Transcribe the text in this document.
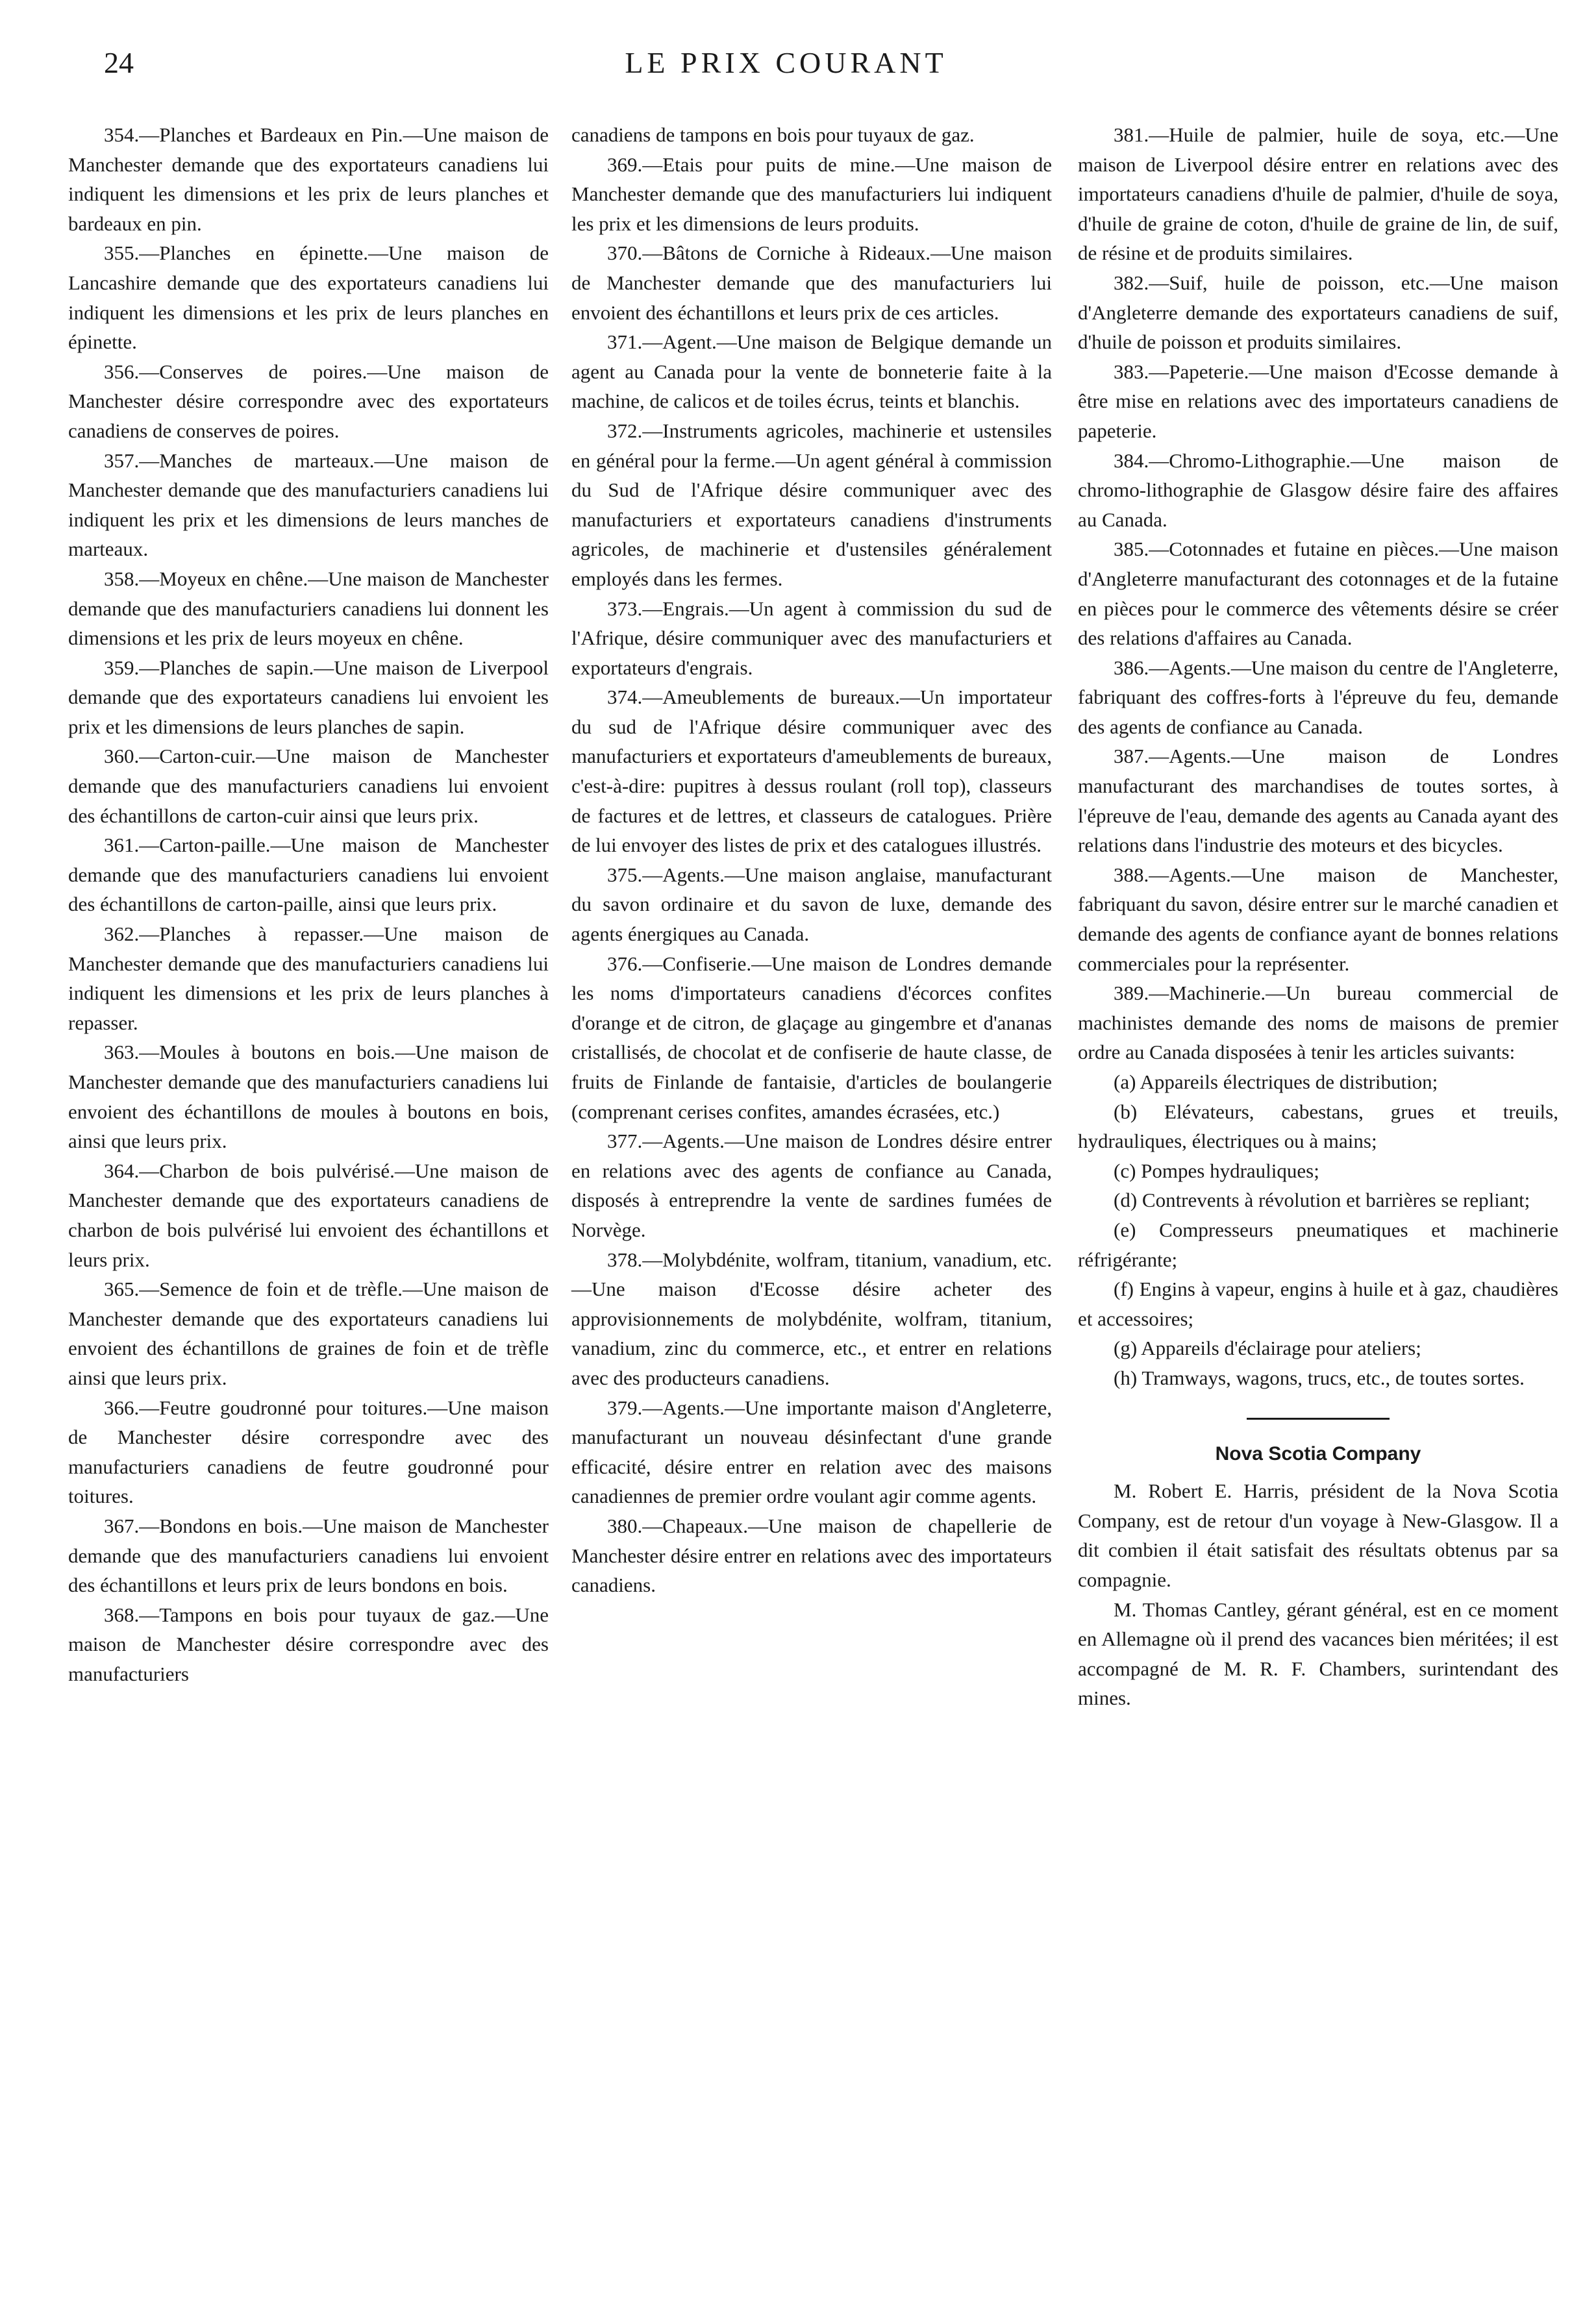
24	LE PRIX COURANT

354.—Planches et Bardeaux en Pin.—Une maison de Manchester demande que des exportateurs canadiens lui indiquent les dimensions et les prix de leurs planches et bardeaux en pin.

355.—Planches en épinette.—Une maison de Lancashire demande que des exportateurs canadiens lui indiquent les dimensions et les prix de leurs planches en épinette.

356.—Conserves de poires.—Une maison de Manchester désire correspondre avec des exportateurs canadiens de conserves de poires.

357.—Manches de marteaux.—Une maison de Manchester demande que des manufacturiers canadiens lui indiquent les prix et les dimensions de leurs manches de marteaux.

358.—Moyeux en chêne.—Une maison de Manchester demande que des manufacturiers canadiens lui donnent les dimensions et les prix de leurs moyeux en chêne.

359.—Planches de sapin.—Une maison de Liverpool demande que des exportateurs canadiens lui envoient les prix et les dimensions de leurs planches de sapin.

360.—Carton-cuir.—Une maison de Manchester demande que des manufacturiers canadiens lui envoient des échantillons de carton-cuir ainsi que leurs prix.

361.—Carton-paille.—Une maison de Manchester demande que des manufacturiers canadiens lui envoient des échantillons de carton-paille, ainsi que leurs prix.

362.—Planches à repasser.—Une maison de Manchester demande que des manufacturiers canadiens lui indiquent les dimensions et les prix de leurs planches à repasser.

363.—Moules à boutons en bois.—Une maison de Manchester demande que des manufacturiers canadiens lui envoient des échantillons de moules à boutons en bois, ainsi que leurs prix.

364.—Charbon de bois pulvérisé.—Une maison de Manchester demande que des exportateurs canadiens de charbon de bois pulvérisé lui envoient des échantillons et leurs prix.

365.—Semence de foin et de trèfle.—Une maison de Manchester demande que des exportateurs canadiens lui envoient des échantillons de graines de foin et de trèfle ainsi que leurs prix.

366.—Feutre goudronné pour toitures.—Une maison de Manchester désire correspondre avec des manufacturiers canadiens de feutre goudronné pour toitures.

367.—Bondons en bois.—Une maison de Manchester demande que des manufacturiers canadiens lui envoient des échantillons et leurs prix de leurs bondons en bois.

368.—Tampons en bois pour tuyaux de gaz.—Une maison de Manchester désire correspondre avec des manufacturiers

canadiens de tampons en bois pour tuyaux de gaz.

369.—Etais pour puits de mine.—Une maison de Manchester demande que des manufacturiers lui indiquent les prix et les dimensions de leurs produits.

370.—Bâtons de Corniche à Rideaux.—Une maison de Manchester demande que des manufacturiers lui envoient des échantillons et leurs prix de ces articles.

371.—Agent.—Une maison de Belgique demande un agent au Canada pour la vente de bonneterie faite à la machine, de calicos et de toiles écrus, teints et blanchis.

372.—Instruments agricoles, machinerie et ustensiles en général pour la ferme.—Un agent général à commission du Sud de l'Afrique désire communiquer avec des manufacturiers et exportateurs canadiens d'instruments agricoles, de machinerie et d'ustensiles généralement employés dans les fermes.

373.—Engrais.—Un agent à commission du sud de l'Afrique, désire communiquer avec des manufacturiers et exportateurs d'engrais.

374.—Ameublements de bureaux.—Un importateur du sud de l'Afrique désire communiquer avec des manufacturiers et exportateurs d'ameublements de bureaux, c'est-à-dire: pupitres à dessus roulant (roll top), classeurs de factures et de lettres, et classeurs de catalogues. Prière de lui envoyer des listes de prix et des catalogues illustrés.

375.—Agents.—Une maison anglaise, manufacturant du savon ordinaire et du savon de luxe, demande des agents énergiques au Canada.

376.—Confiserie.—Une maison de Londres demande les noms d'importateurs canadiens d'écorces confites d'orange et de citron, de glaçage au gingembre et d'ananas cristallisés, de chocolat et de confiserie de haute classe, de fruits de Finlande de fantaisie, d'articles de boulangerie (comprenant cerises confites, amandes écrasées, etc.)

377.—Agents.—Une maison de Londres désire entrer en relations avec des agents de confiance au Canada, disposés à entreprendre la vente de sardines fumées de Norvège.

378.—Molybdénite, wolfram, titanium, vanadium, etc.—Une maison d'Ecosse désire acheter des approvisionnements de molybdénite, wolfram, titanium, vanadium, zinc du commerce, etc., et entrer en relations avec des producteurs canadiens.

379.—Agents.—Une importante maison d'Angleterre, manufacturant un nouveau désinfectant d'une grande efficacité, désire entrer en relation avec des maisons canadiennes de premier ordre voulant agir comme agents.

380.—Chapeaux.—Une maison de chapellerie de Manchester désire entrer en relations avec des importateurs canadiens.

381.—Huile de palmier, huile de soya, etc.—Une maison de Liverpool désire entrer en relations avec des importateurs canadiens d'huile de palmier, d'huile de soya, d'huile de graine de coton, d'huile de graine de lin, de suif, de résine et de produits similaires.

382.—Suif, huile de poisson, etc.—Une maison d'Angleterre demande des exportateurs canadiens de suif, d'huile de poisson et produits similaires.

383.—Papeterie.—Une maison d'Ecosse demande à être mise en relations avec des importateurs canadiens de papeterie.

384.—Chromo-Lithographie.—Une maison de chromo-lithographie de Glasgow désire faire des affaires au Canada.

385.—Cotonnades et futaine en pièces.—Une maison d'Angleterre manufacturant des cotonnages et de la futaine en pièces pour le commerce des vêtements désire se créer des relations d'affaires au Canada.

386.—Agents.—Une maison du centre de l'Angleterre, fabriquant des coffres-forts à l'épreuve du feu, demande des agents de confiance au Canada.

387.—Agents.—Une maison de Londres manufacturant des marchandises de toutes sortes, à l'épreuve de l'eau, demande des agents au Canada ayant des relations dans l'industrie des moteurs et des bicycles.

388.—Agents.—Une maison de Manchester, fabriquant du savon, désire entrer sur le marché canadien et demande des agents de confiance ayant de bonnes relations commerciales pour la représenter.

389.—Machinerie.—Un bureau commercial de machinistes demande des noms de maisons de premier ordre au Canada disposées à tenir les articles suivants:

(a) Appareils électriques de distribution;

(b) Elévateurs, cabestans, grues et treuils, hydrauliques, électriques ou à mains;

(c) Pompes hydrauliques;

(d) Contrevents à révolution et barrières se repliant;

(e) Compresseurs pneumatiques et machinerie réfrigérante;

(f) Engins à vapeur, engins à huile et à gaz, chaudières et accessoires;

(g) Appareils d'éclairage pour ateliers;

(h) Tramways, wagons, trucs, etc., de toutes sortes.

Nova Scotia Company

M. Robert E. Harris, président de la Nova Scotia Company, est de retour d'un voyage à New-Glasgow. Il a dit combien il était satisfait des résultats obtenus par sa compagnie.

M. Thomas Cantley, gérant général, est en ce moment en Allemagne où il prend des vacances bien méritées; il est accompagné de M. R. F. Chambers, surintendant des mines.
